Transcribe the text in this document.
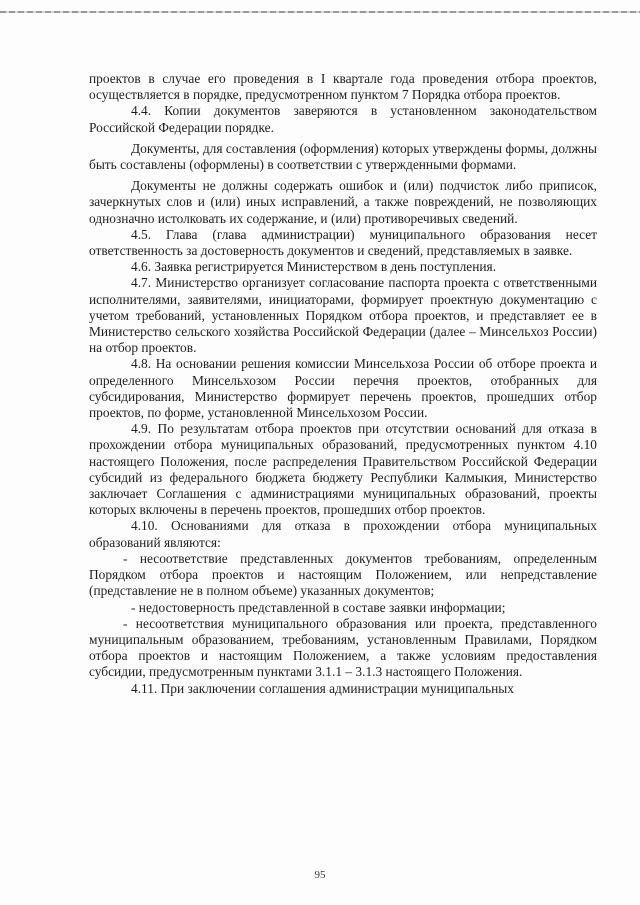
проектов в случае его проведения в I квартале года проведения отбора проектов, осуществляется в порядке, предусмотренном пунктом 7 Порядка отбора проектов.

4.4. Копии документов заверяются в установленном законодательством Российской Федерации порядке.

Документы, для составления (оформления) которых утверждены формы, должны быть составлены (оформлены) в соответствии с утвержденными формами.

Документы не должны содержать ошибок и (или) подчисток либо приписок, зачеркнутых слов и (или) иных исправлений, а также повреждений, не позволяющих однозначно истолковать их содержание, и (или) противоречивых сведений.

4.5. Глава (глава администрации) муниципального образования несет ответственность за достоверность документов и сведений, представляемых в заявке.

4.6. Заявка регистрируется Министерством в день поступления.

4.7. Министерство организует согласование паспорта проекта с ответственными исполнителями, заявителями, инициаторами, формирует проектную документацию с учетом требований, установленных Порядком отбора проектов, и представляет ее в Министерство сельского хозяйства Российской Федерации (далее – Минсельхоз России) на отбор проектов.

4.8. На основании решения комиссии Минсельхоза России об отборе проекта и определенного Минсельхозом России перечня проектов, отобранных для субсидирования, Министерство формирует перечень проектов, прошедших отбор проектов, по форме, установленной Минсельхозом России.

4.9. По результатам отбора проектов при отсутствии оснований для отказа в прохождении отбора муниципальных образований, предусмотренных пунктом 4.10 настоящего Положения, после распределения Правительством Российской Федерации субсидий из федерального бюджета бюджету Республики Калмыкия, Министерство заключает Соглашения с администрациями муниципальных образований, проекты которых включены в перечень проектов, прошедших отбор проектов.

4.10. Основаниями для отказа в прохождении отбора муниципальных образований являются:

- несоответствие представленных документов требованиям, определенным Порядком отбора проектов и настоящим Положением, или непредставление (представление не в полном объеме) указанных документов;

- недостоверность представленной в составе заявки информации;

- несоответствия муниципального образования или проекта, представленного муниципальным образованием, требованиям, установленным Правилами, Порядком отбора проектов и настоящим Положением, а также условиям предоставления субсидии, предусмотренным пунктами 3.1.1 – 3.1.3 настоящего Положения.

4.11. При заключении соглашения администрации муниципальных

95
